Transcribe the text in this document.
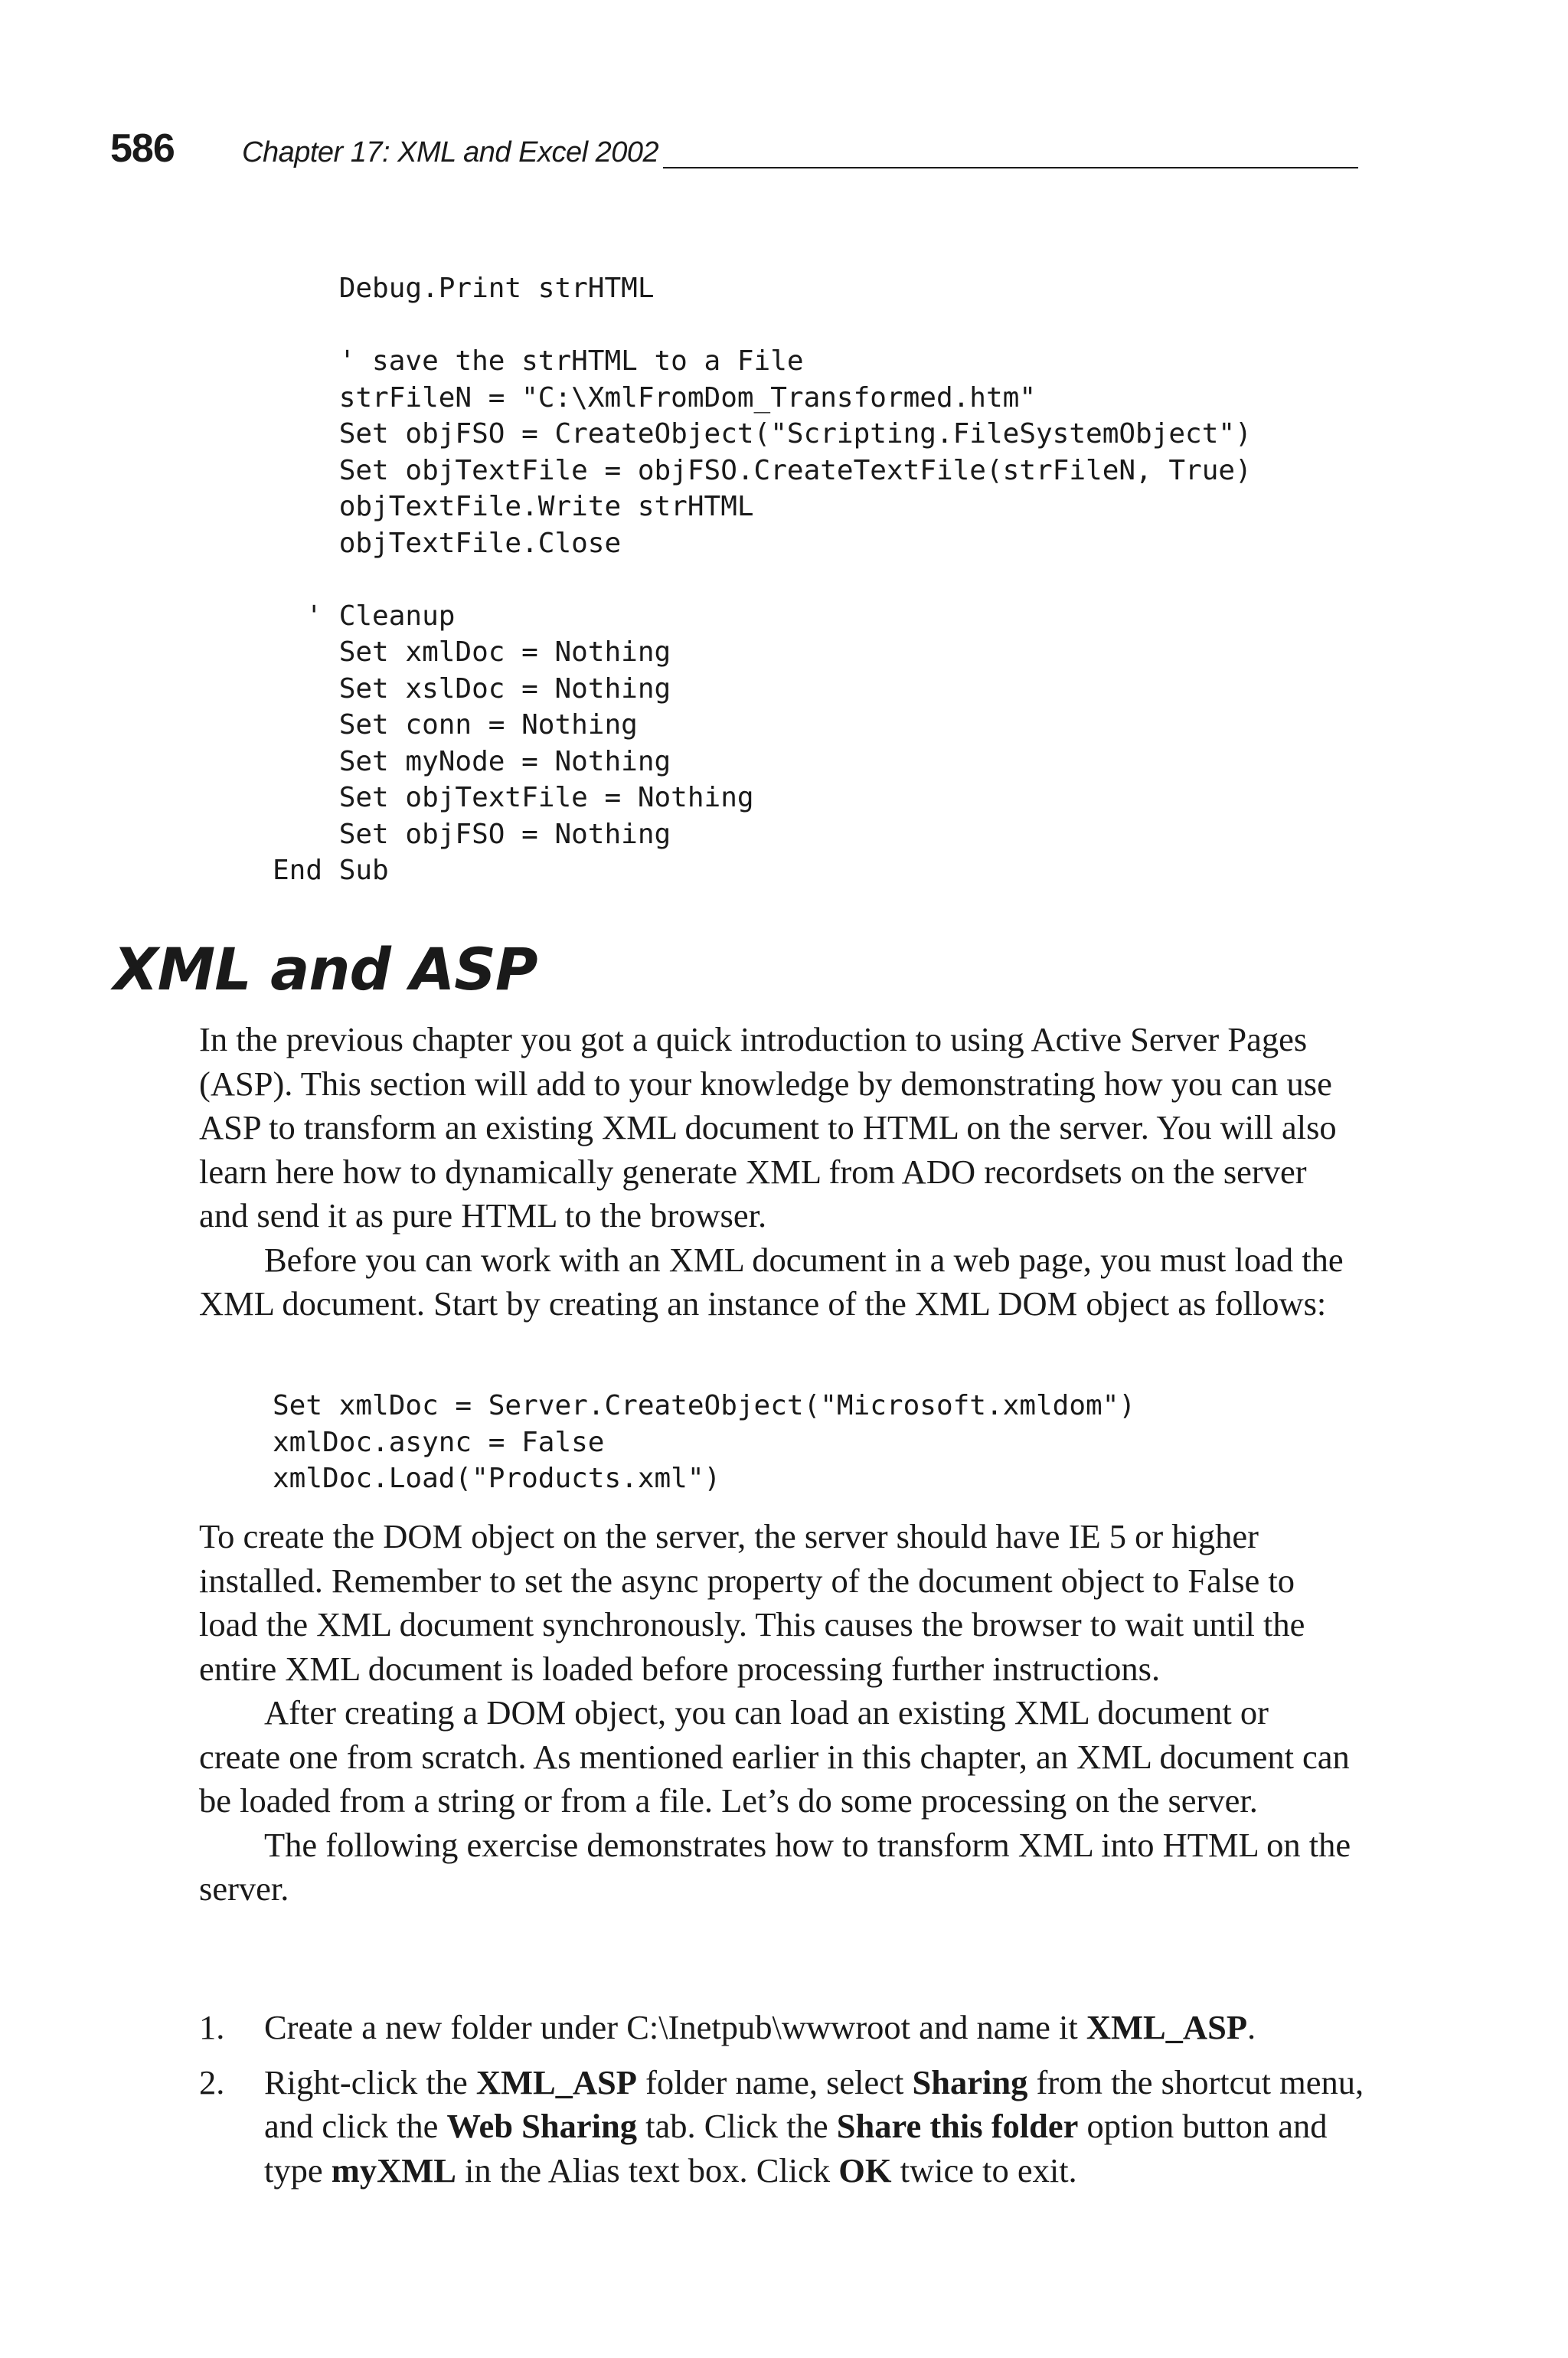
586 Chapter 17: XML and Excel 2002
Debug.Print strHTML

' save the strHTML to a File
strFileN = "C:\XmlFromDom_Transformed.htm"
Set objFSO = CreateObject("Scripting.FileSystemObject")
Set objTextFile = objFSO.CreateTextFile(strFileN, True)
objTextFile.Write strHTML
objTextFile.Close

' Cleanup
Set xmlDoc = Nothing
Set xslDoc = Nothing
Set conn = Nothing
Set myNode = Nothing
Set objTextFile = Nothing
Set objFSO = Nothing
End Sub
XML and ASP

In the previous chapter you got a quick introduction to using Active Server Pages (ASP). This section will add to your knowledge by demonstrating how you can use ASP to transform an existing XML document to HTML on the server. You will also learn here how to dynamically generate XML from ADO recordsets on the server and send it as pure HTML to the browser.

Before you can work with an XML document in a web page, you must load the XML document. Start by creating an instance of the XML DOM object as follows:

Set xmlDoc = Server.CreateObject("Microsoft.xmldom")
xmlDoc.async = False
xmlDoc.Load("Products.xml")

To create the DOM object on the server, the server should have IE 5 or higher installed. Remember to set the async property of the document object to False to load the XML document synchronously. This causes the browser to wait until the entire XML document is loaded before processing further instructions.

After creating a DOM object, you can load an existing XML document or create one from scratch. As mentioned earlier in this chapter, an XML document can be loaded from a string or from a file. Let’s do some processing on the server.

The following exercise demonstrates how to transform XML into HTML on the server.

1. Create a new folder under C:\Inetpub\wwwroot and name it XML_ASP.
2. Right-click the XML_ASP folder name, select Sharing from the shortcut menu, and click the Web Sharing tab. Click the Share this folder option button and type myXML in the Alias text box. Click OK twice to exit.
